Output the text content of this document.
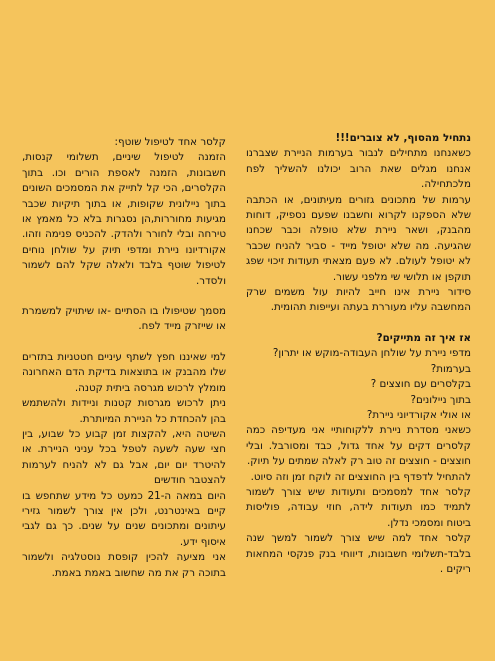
נתחיל מהסוף, לא צוברים!!!

כשאנחנו מתחילים לנבור בערמות הניירת שצברנו אנחנו מגלים שאת הרוב יכולנו להשליך לפח מלכתחילה.

ערמות של מתכונים גזורים מעיתונים, או הכתבה שלא הספקנו לקרוא וחשבנו שפעם נספיק, דוחות מהבנק, ושאר ניירת שלא טופלה וכבר שכחנו שהגיעה. מה שלא יטופל מייד - סביר להניח שכבר לא יטופל לעולם. לא פעם מצאתי תעודות זיכוי שפג תוקפן או תלושי שי מלפני עשור.

סידור ניירת אינו חייב להיות עול משמים שרק המחשבה עליו מעוררת בעתה ועייפות תהומית.

אז איך זה מתייקים?

מדפי ניירת על שולחן העבודה-מוקש או יתרון?

בערמות?

בקלסרים עם חוצצים ?

בתוך ניילונים?

או אולי אקורדיוני ניירת?

כשאני מסדרת ניירת ללקוחותיי אני מעדיפה כמה קלסרים דקים על אחד גדול, כבד ומסורבל. ובלי חוצצים - חוצצים זה טוב רק לאלה שמתים על תיוק.

להתחיל לדפדף בין החוצצים זה לוקח זמן וזה סיוט.

קלסר אחד למסמכים ותעודות שיש צורך לשמור לתמיד כמו תעודות לידה, חוזי עבודה, פוליסות ביטוח ומסמכי נדלן.

קלסר אחד למה שיש צורך לשמור למשך שנה בלבד-תשלומי חשבונות, דיווחי בנק פנקסי המחאות ריקים .

קלסר אחד לטיפול שוטף:

הזמנה לטיפול שיניים, תשלומי קנסות, חשבונות, הזמנה לאספת הורים וכו. בתוך הקלסרים, הכי קל לתייק את המסמכים השונים בתוך ניילונית שקופות, או בתוך תיקיות שכבר מגיעות מחוררות,הן נסגרות בלא כל מאמץ או טירחה ובלי לחורר ולהדק. להכניס פנימה וזהו. אקורדיונו ניירת ומדפי תיוק על שולחן נוחים לטיפול שוטף בלבד ולאלה שקל להם לשמור ולסדר.

מסמך שטיפולו בו הסתיים -או שיתויק למשמרת או שייזרק מייד לפח.

למי שאיננו חפץ לשתף עיניים חטטניות בתזרים שלו מהבנק או בתוצאות בדיקת הדם האחרונה מומלץ לרכוש מגרסה ביתית קטנה.

ניתן לרכוש מגרסות קטנות וניידות ולהשתמש בהן להכחדת כל הניירת המיותרת.

השיטה היא, להקצות זמן קבוע כל שבוע, בין חצי שעה לשעה לטפל בכל עניני הניירת. או להיטרד יום יום, אבל גם לא להניח לערמות להצטבר חודשים

היום במאה ה-21 כמעט כל מידע שתחפש בו קיים באינטרנט, ולכן אין צורך לשמור גזירי עיתונים ומתכונים שנים על שנים. כך גם לגבי איסוף ידע.

אני מציעה להכין קופסת נוסטלגיה ולשמור בתוכה רק את מה שחשוב באמת באמת.
